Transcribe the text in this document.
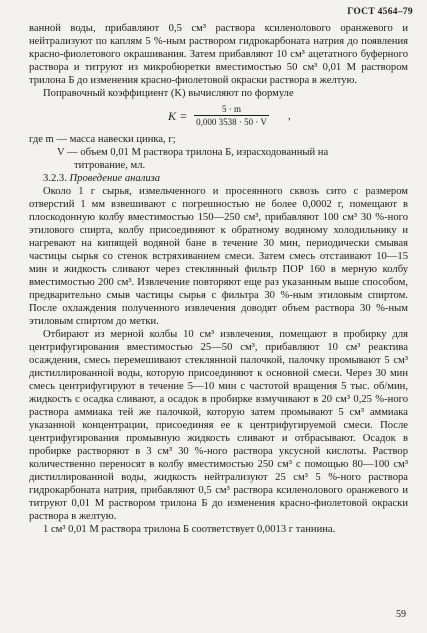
ГОСТ 4564–79

ванной воды, прибавляют 0,5 см³ раствора ксиленолового оранжевого и нейтрализуют по каплям 5 %-ным раствором гидрокарбоната натрия до появления красно-фиолетового окрашивания. Затем прибавляют 10 см³ ацетатного буферного раствора и титруют из микробюретки вместимостью 50 см³ 0,01 М раствором трилона Б до изменения красно-фиолетовой окраски раствора в желтую.

Поправочный коэффициент (K) вычисляют по формуле

K =	5 · m
0,000 3538 · 50 · V ,

где m — масса навески цинка, г;

V — объем 0,01 М раствора трилона Б, израсходованный на

титрование, мл.

3.2.3. Проведение анализа

Около 1 г сырья, измельченного и просеянного сквозь сито с размером отверстий 1 мм взвешивают с погрешностью не более 0,0002 г, помещают в плоскодонную колбу вместимостью 150—250 см³, прибавляют 100 см³ 30 %-ного этилового спирта, колбу присоединяют к обратному водяному холодильнику и нагревают на кипящей водяной бане в течение 30 мин, периодически смывая частицы сырья со стенок встряхиванием смеси. Затем смесь отстаивают 10—15 мин и жидкость сливают через стеклянный фильтр ПОР 160 в мерную колбу вместимостью 200 см³. Извлечение повторяют еще раз указанным выше способом, предварительно смыв частицы сырья с фильтра 30 %-ным этиловым спиртом. После охлаждения полученного извлечения доводят объем раствора 30 %-ным этиловым спиртом до метки.

Отбирают из мерной колбы 10 см³ извлечения, помещают в пробирку для центрифугирования вместимостью 25—50 см³, прибавляют 10 см³ реактива осаждения, смесь перемешивают стеклянной палочкой, палочку промывают 5 см³ дистиллированной воды, которую присоединяют к основной смеси. Через 30 мин смесь центрифугируют в течение 5—10 мин с частотой вращения 5 тыс. об/мин, жидкость с осадка сливают, а осадок в пробирке взмучивают в 20 см³ 0,25 %-ного раствора аммиака тей же палочкой, которую затем промывают 5 см³ аммиака указанной концентрации, присоединяя ее к центрифугируемой смеси. После центрифугирования промывную жидкость сливают и отбрасывают. Осадок в пробирке растворяют в 3 см³ 30 %-ного раствора уксусной кислоты. Раствор количественно переносят в колбу вместимостью 250 см³ с помощью 80—100 см³ дистиллированной воды, жидкость нейтрализуют 25 см³ 5 %-ного раствора гидрокарбоната натрия, прибавляют 0,5 см³ раствора ксиленолового оранжевого и титруют 0,01 М раствором трилона Б до изменения красно-фиолетовой окраски раствора в желтую.

1 см³ 0,01 М раствора трилона Б соответствует 0,0013 г таннина.

59
